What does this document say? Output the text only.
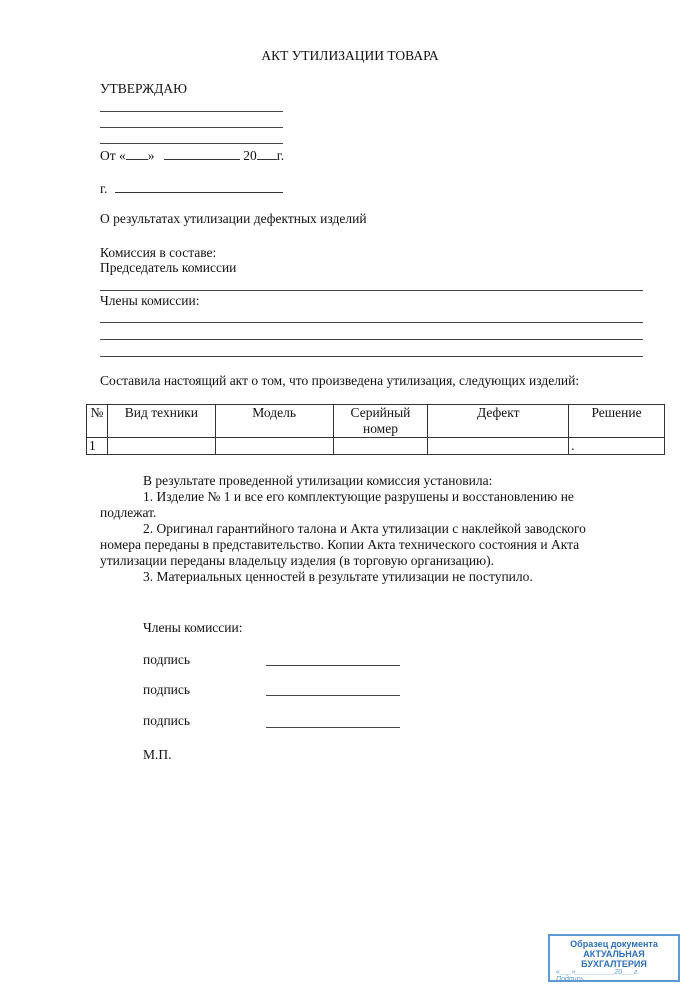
АКТ УТИЛИЗАЦИИ ТОВАРА
УТВЕРЖДАЮ
От « »	20 г.
г.
О результатах утилизации дефектных изделий
Комиссия в составе:
Председатель комиссии
Члены комиссии:
Составила настоящий акт о том, что произведена утилизация, следующих изделий:
№	Вид техники	Модель	Серийный номер	Дефект	Решение
1					.
В результате проведенной утилизации комиссия установила:
1. Изделие № 1 и все его комплектующие разрушены и восстановлению не
подлежат.
2. Оригинал гарантийного талона и Акта утилизации с наклейкой заводского
номера переданы в представительство. Копии Акта технического состояния и Акта
утилизации переданы владельцу изделия (в торговую организацию).
3. Материальных ценностей в результате утилизации не поступило.
Члены комиссии:
подпись
подпись
подпись
М.П.
Образец документа
АКТУАЛЬНАЯ БУХГАЛТЕРИЯ
«___»__________20___г.
Подпись
